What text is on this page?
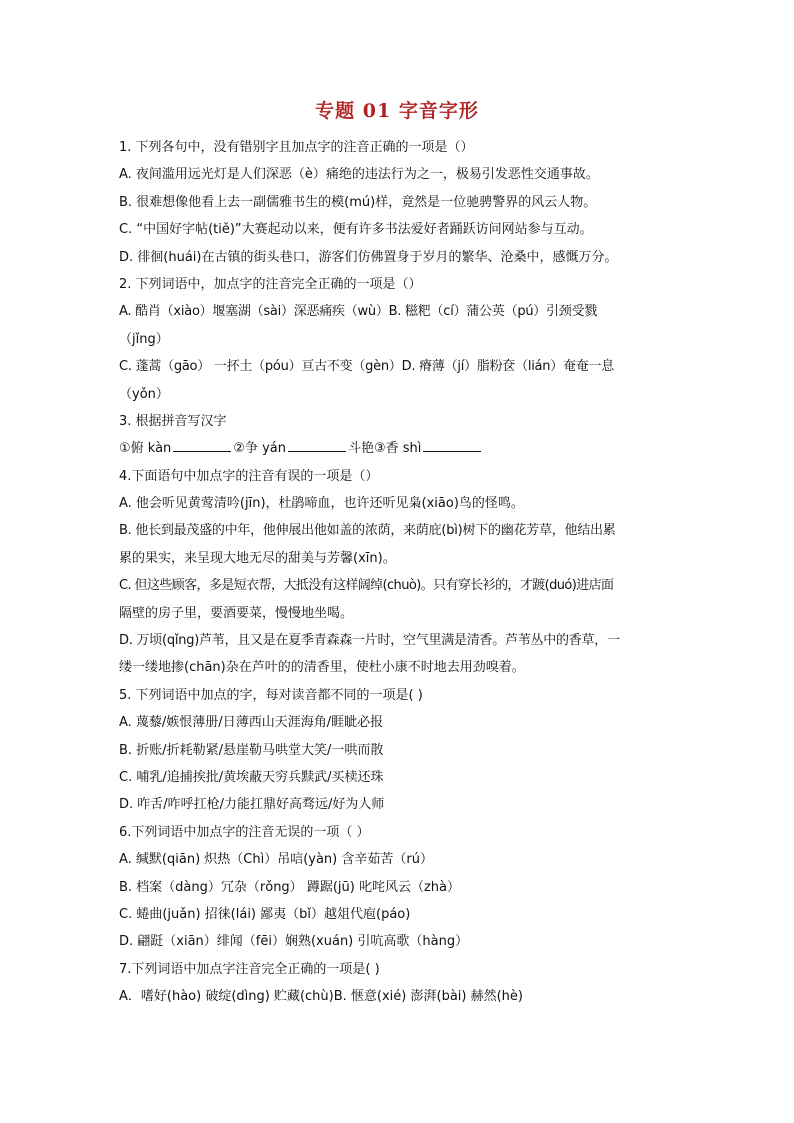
专题 01 字音字形
1. 下列各句中，没有错别字且加点字的注音正确的一项是（）
A. 夜间滥用远光灯是人们深恶（è）痛绝的违法行为之一，极易引发恶性交通事故。
B. 很难想像他看上去一副儒雅书生的模(mú)样，竟然是一位驰骋警界的风云人物。
C. “中国好字帖(tiě)”大赛起动以来，便有许多书法爱好者踊跃访问网站参与互动。
D. 徘徊(huái)在古镇的街头巷口，游客们仿佛置身于岁月的繁华、沧桑中，感慨万分。
2. 下列词语中，加点字的注音完全正确的一项是（）
A. 酷肖（xiào）堰塞湖（sài）深恶痛疾（wù）B. 糍粑（cí）蒲公英（pú）引颈受戮
（jǐng）
C. 蓬蒿（gāo） 一抔土（póu）亘古不变（gèn）D. 瘠薄（jí）脂粉奁（lián）奄奄一息
（yǒn）
3. 根据拼音写汉字
①俯 kàn	②争 yán	斗艳③香 shì
4.下面语句中加点字的注音有误的一项是（）
A. 他会听见黄莺清吟(jīn)，杜鹃啼血，也许还听见枭(xiāo)鸟的怪鸣。
B. 他长到最茂盛的中年，他伸展出他如盖的浓荫，来荫庇(bì)树下的幽花芳草，他结出累
累的果实，来呈现大地无尽的甜美与芳馨(xīn)。
C. 但这些顾客，多是短衣帮，大抵没有这样阔绰(chuò)。只有穿长衫的，才踱(duó)进店面
隔壁的房子里，要酒要菜，慢慢地坐喝。
D. 万顷(qǐng)芦苇，且又是在夏季青森森一片时，空气里满是清香。芦苇丛中的香草，一
缕一缕地掺(chān)杂在芦叶的的清香里，使杜小康不时地去用劲嗅着。
5. 下列词语中加点的字，每对读音都不同的一项是( )
A. 蔑藜/嫉恨薄册/日薄西山天涯海角/睚眦必报
B. 折账/折耗勒紧/悬崖勒马哄堂大笑/一哄而散
C. 哺乳/追捕挨批/黄埃蔽天穷兵黩武/买椟还珠
D. 咋舌/咋呼扛枪/力能扛鼎好高骛远/好为人师
6.下列词语中加点字的注音无误的一项（ ）
A. 缄默(qiān) 炽热（Chì）吊唁(yàn) 含辛茹苦（rú）
B. 档案（dàng）冗杂（rǒng） 蹲踞(jū) 叱咤风云（zhà）
C. 蜷曲(juǎn) 招徕(lái) 鄙夷（bǐ）越俎代庖(páo)
D. 翩跹（xiān）绯闻（fēi）娴熟(xuán) 引吭高歌（hàng）
7.下列词语中加点字注音完全正确的一项是( )
A．嗜好(hào) 破绽(dìng) 贮藏(chù)B. 惬意(xié) 澎湃(bài) 赫然(hè)
